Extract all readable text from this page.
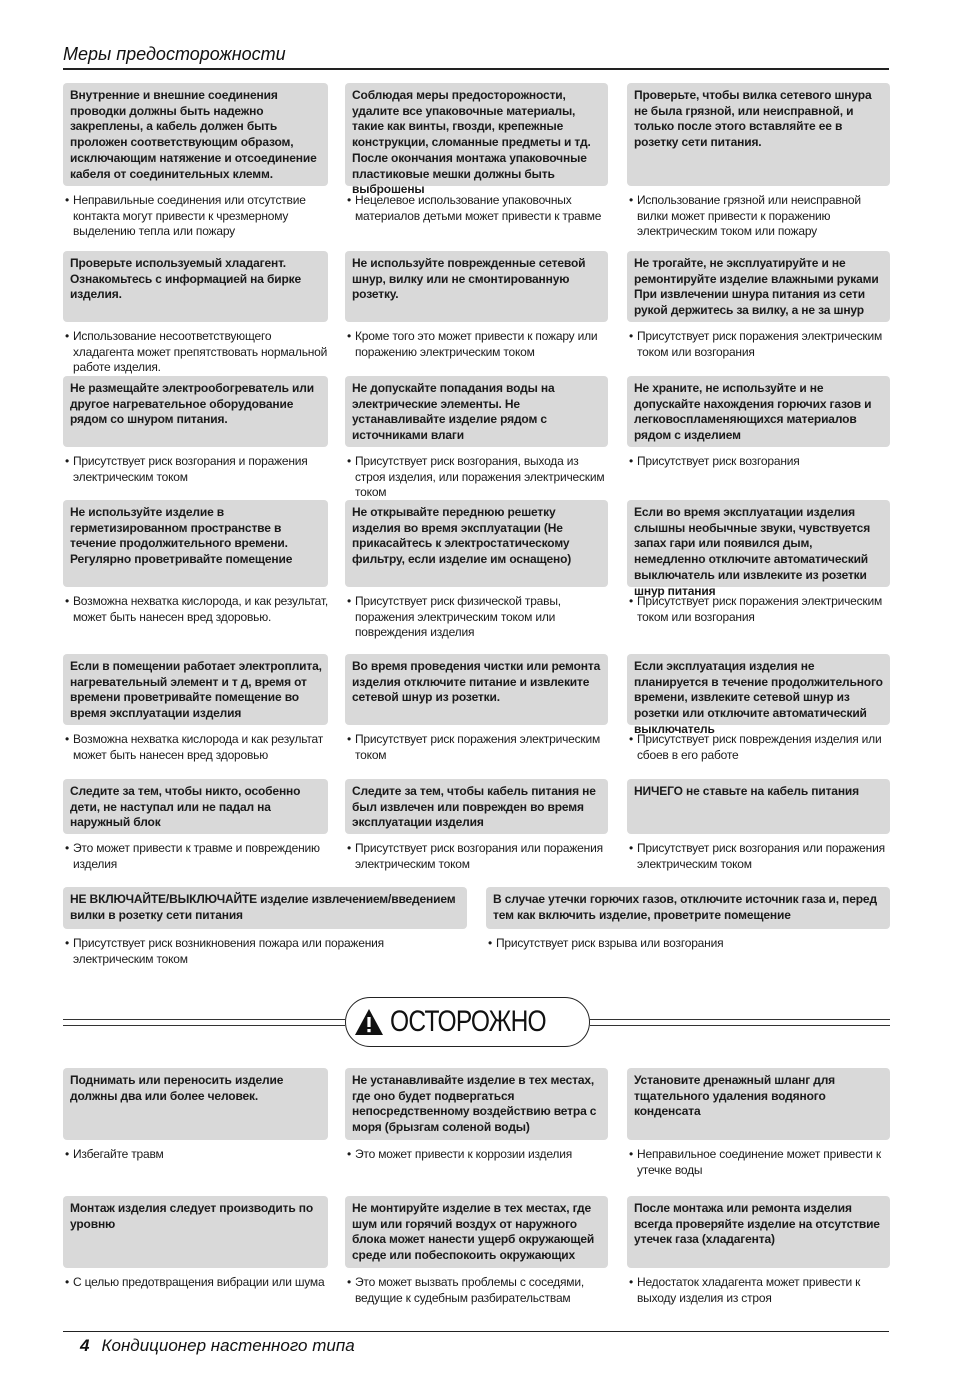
Меры предосторожности
Внутренние и внешние соединения проводки должны быть надежно закреплены, а кабель должен быть проложен соответствующим образом, исключающим натяжение и отсоединение кабеля от соединительных клемм.
• Неправильные соединения или отсутствие контакта могут привести к чрезмерному выделению тепла или пожару
Соблюдая меры предосторожности, удалите все упаковочные материалы, такие как винты, гвозди, крепежные конструкции, сломанные предметы и тд. После окончания монтажа упаковочные пластиковые мешки должны быть выброшены
• Нецелевое использование упаковочных материалов детьми может привести к травме
Проверьте, чтобы вилка сетевого шнура не была грязной, или неисправной, и только после этого вставляйте ее в розетку сети питания.
• Использование грязной или неисправной вилки может привести к поражению электрическим током или пожару
Проверьте используемый хладагент. Ознакомьтесь с информацией на бирке изделия.
• Использование несоответствующего хладагента может препятствовать нормальной работе изделия.
Не используйте поврежденные сетевой шнур, вилку или не смонтированную розетку.
• Кроме того это может привести к пожару или поражению электрическим током
Не трогайте, не эксплуатируйте и не ремонтируйте изделие влажными руками При извлечении шнура питания из сети рукой держитесь за вилку, а не за шнур
• Присутствует риск поражения электрическим током или возгорания
Не размещайте электрообогреватель или другое нагревательное оборудование рядом со шнуром питания.
• Присутствует риск возгорания и поражения электрическим током
Не допускайте попадания воды на электрические элементы. Не устанавливайте изделие рядом с источниками влаги
• Присутствует риск возгорания, выхода из строя изделия, или поражения электрическим током
Не храните, не используйте и не допускайте нахождения горючих газов и легковоспламеняющихся материалов рядом с изделием
• Присутствует риск возгорания
Не используйте изделие в герметизированном пространстве в течение продолжительного времени. Регулярно проветривайте помещение
• Возможна нехватка кислорода, и как результат, может быть нанесен вред здоровью.
Не открывайте переднюю решетку изделия во время эксплуатации (Не прикасайтесь к электростатическому фильтру, если изделие им оснащено)
• Присутствует риск физической травы, поражения электрическим током или повреждения изделия
Если во время эксплуатации изделия слышны необычные звуки, чувствуется запах гари или появился дым, немедленно отключите автоматический выключатель или извлеките из розетки шнур питания
• Присутствует риск поражения электрическим током или возгорания
Если в помещении работает электроплита, нагревательный элемент и т д, время от времени проветривайте помещение во время эксплуатации изделия
• Возможна нехватка кислорода и как результат может быть нанесен вред здоровью
Во время проведения чистки или ремонта изделия отключите питание и извлеките сетевой шнур из розетки.
• Присутствует риск поражения электрическим током
Если эксплуатация изделия не планируется в течение продолжительного времени, извлеките сетевой шнур из розетки или отключите автоматический выключатель
• Присутствует риск повреждения изделия или сбоев в его работе
Следите за тем, чтобы никто, особенно дети, не наступал или не падал на наружный блок
• Это может привести к травме и повреждению изделия
Следите за тем, чтобы кабель питания не был извлечен или поврежден во время эксплуатации изделия
• Присутствует риск возгорания или поражения электрическим током
НИЧЕГО не ставьте на кабель питания
• Присутствует риск возгорания или поражения электрическим током
НЕ ВКЛЮЧАЙТЕ/ВЫКЛЮЧАЙТЕ изделие извлечением/введением вилки в розетку сети питания
• Присутствует риск возникновения пожара или поражения электрическим током
В случае утечки горючих газов, отключите источник газа и, перед тем как включить изделие, проветрите помещение
• Присутствует риск взрыва или возгорания
ОСТОРОЖНО
Поднимать или переносить изделие должны два или более человек.
• Избегайте травм
Не устанавливайте изделие в тех местах, где оно будет подвергаться непосредственному воздействию ветра с моря (брызгам соленой воды)
• Это может привести к коррозии изделия
Установите дренажный шланг для тщательного удаления водяного конденсата
• Неправильное соединение может привести к утечке воды
Монтаж изделия следует производить по уровню
• С целью предотвращения вибрации или шума
Не монтируйте изделие в тех местах, где шум или горячий воздух от наружного блока может нанести ущерб окружающей среде или побеспокоить окружающих
• Это может вызвать проблемы с соседями, ведущие к судебным разбирательствам
После монтажа или ремонта изделия всегда проверяйте изделие на отсутствие утечек газа (хладагента)
• Недостаток хладагента может привести к выходу изделия из строя
4 Кондиционер настенного типа
